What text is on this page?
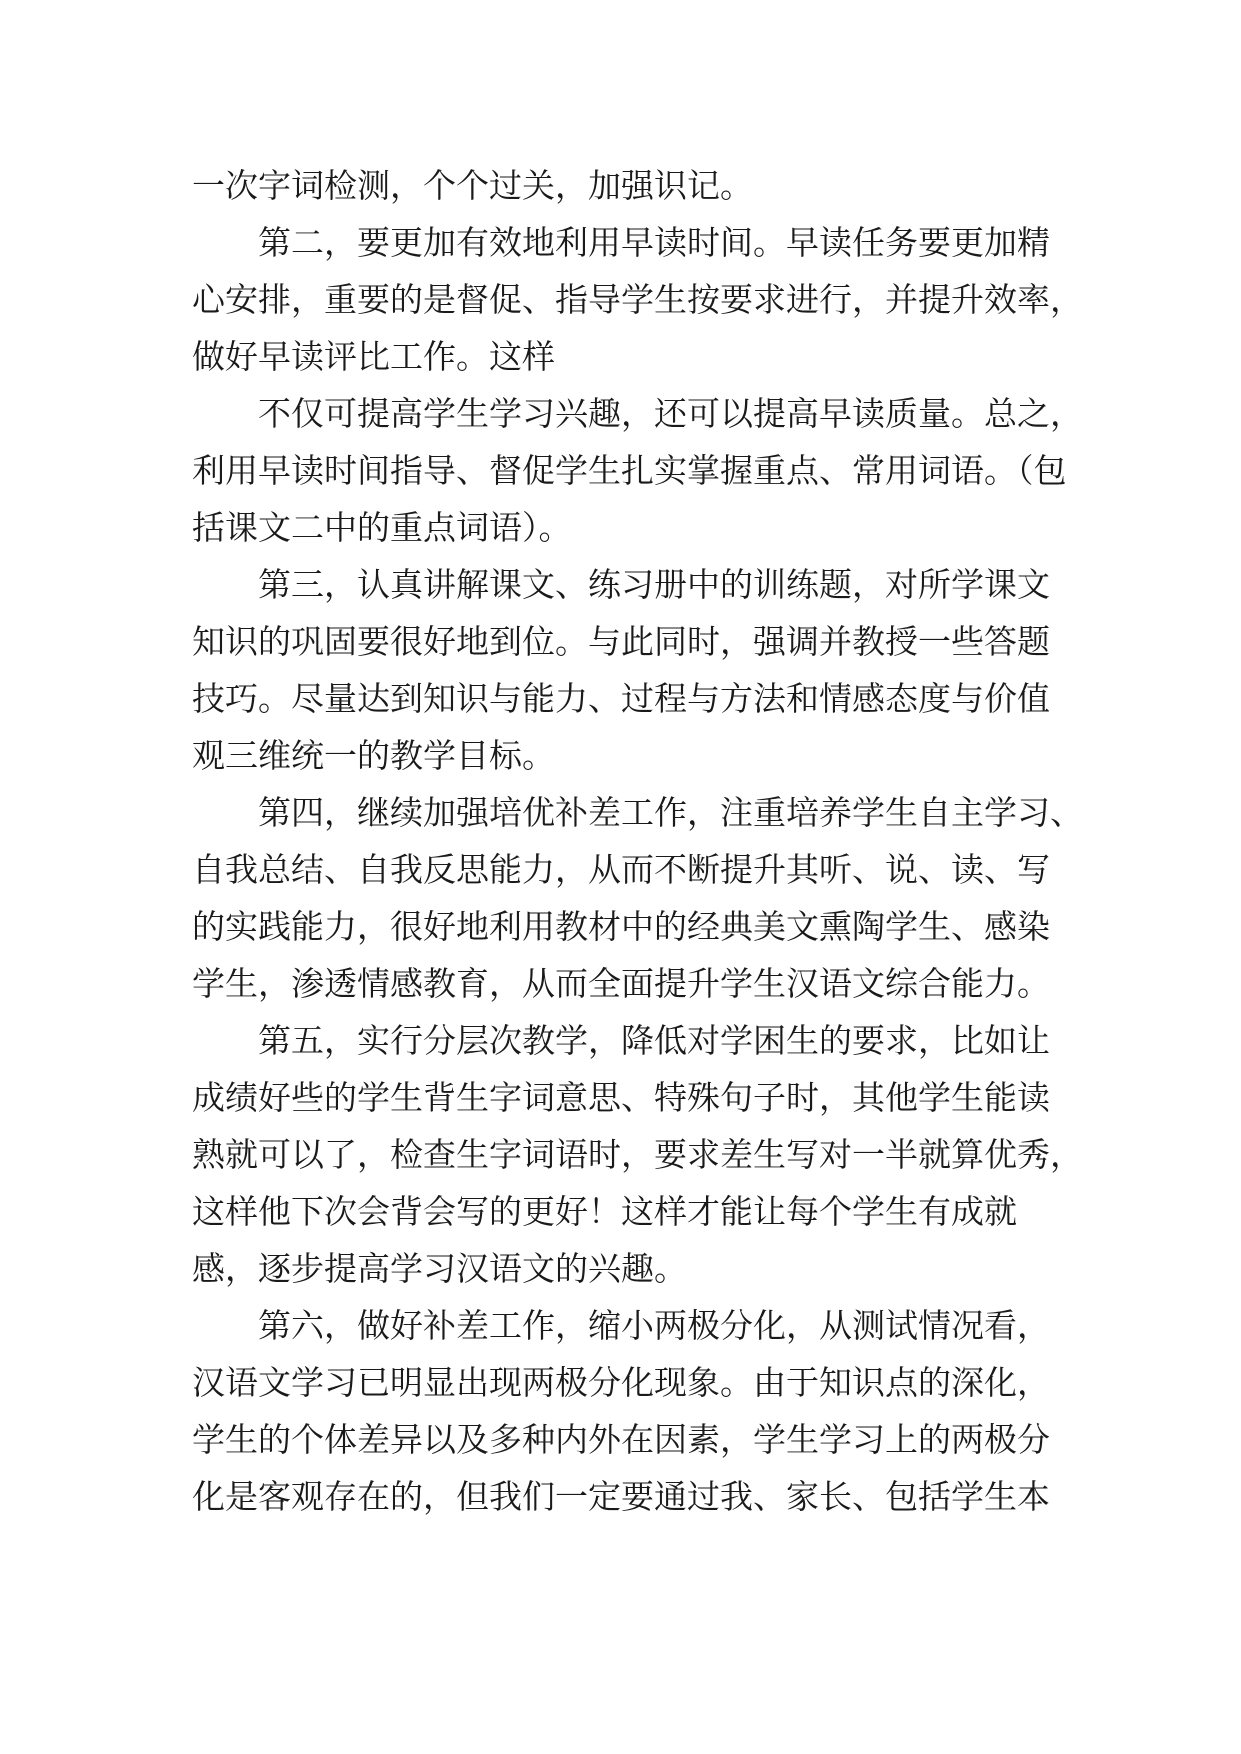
一次字词检测，个个过关，加强识记。
第二，要更加有效地利用早读时间。早读任务要更加精
心安排，重要的是督促、指导学生按要求进行，并提升效率，
做好早读评比工作。这样
不仅可提高学生学习兴趣，还可以提高早读质量。总之，
利用早读时间指导、督促学生扎实掌握重点、常用词语。（包
括课文二中的重点词语）。
第三，认真讲解课文、练习册中的训练题，对所学课文
知识的巩固要很好地到位。与此同时，强调并教授一些答题
技巧。尽量达到知识与能力、过程与方法和情感态度与价值
观三维统一的教学目标。
第四，继续加强培优补差工作，注重培养学生自主学习、
自我总结、自我反思能力，从而不断提升其听、说、读、写
的实践能力，很好地利用教材中的经典美文熏陶学生、感染
学生，渗透情感教育，从而全面提升学生汉语文综合能力。
第五，实行分层次教学，降低对学困生的要求，比如让
成绩好些的学生背生字词意思、特殊句子时，其他学生能读
熟就可以了，检查生字词语时，要求差生写对一半就算优秀，
这样他下次会背会写的更好！这样才能让每个学生有成就
感，逐步提高学习汉语文的兴趣。
第六，做好补差工作，缩小两极分化，从测试情况看，
汉语文学习已明显出现两极分化现象。由于知识点的深化，
学生的个体差异以及多种内外在因素，学生学习上的两极分
化是客观存在的，但我们一定要通过我、家长、包括学生本
